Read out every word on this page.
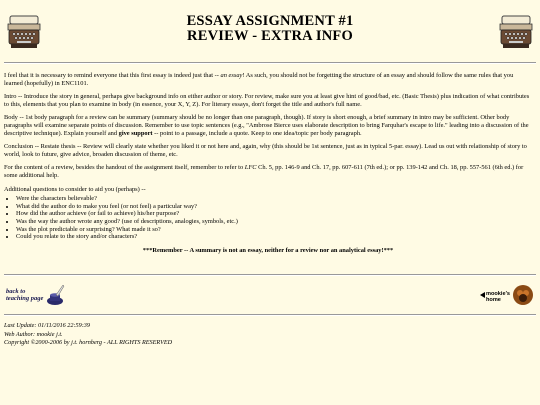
ESSAY ASSIGNMENT #1
REVIEW - EXTRA INFO

I feel that it is necessary to remind everyone that this first essay is indeed just that -- an essay! As such, you should not be forgetting the structure of an essay and should follow the same rules that you learned (hopefully) in ENC1101.

Intro -- Introduce the story in general, perhaps give background info on either author or story. For review, make sure you at least give hint of good/bad, etc. (Basic Thesis) plus indication of what contributes to this, elements that you plan to examine in body (in essence, your X, Y, Z). For literary essays, don't forget the title and author's full name.

Body -- 1st body paragraph for a review can be summary (summary should be no longer than one paragraph, though). If story is short enough, a brief summary in intro may be sufficient. Other body paragraphs will examine separate points of discussion. Remember to use topic sentences (e.g., "Ambrose Bierce uses elaborate description to bring Farquhar's escape to life." leading into a discussion of the descriptive technique). Explain yourself and give support -- point to a passage, include a quote. Keep to one idea/topic per body paragraph.

Conclusion -- Restate thesis -- Review will clearly state whether you liked it or not here and, again, why (this should be 1st sentence, just as in typical 5-par. essay). Lead us out with relationship of story to world, look to future, give advice, broaden discussion of theme, etc.

For the content of a review, besides the handout of the assignment itself, remember to refer to LFC Ch. 5, pp. 146-9 and Ch. 17, pp. 607-611 (7th ed.); or pp. 139-142 and Ch. 18, pp. 557-561 (6th ed.) for some additional help.

Additional questions to consider to aid you (perhaps) --

• Were the characters believable?
• What did the author do to make you feel (or not feel) a particular way?
• How did the author achieve (or fail to achieve) his/her purpose?
• Was the way the author wrote any good? (use of descriptions, analogies, symbols, etc.)
• Was the plot predictable or surprising? What made it so?
• Could you relate to the story and/or characters?
***Remember -- A summary is not an essay, neither for a review nor an analytical essay!***
back to
teaching page
mookie's
home
Last Update: 01/11/2016 22:59:39
Web Author: mookie j.t.
Copyright ©2000-2006 by j.t. hornberg - ALL RIGHTS RESERVED
